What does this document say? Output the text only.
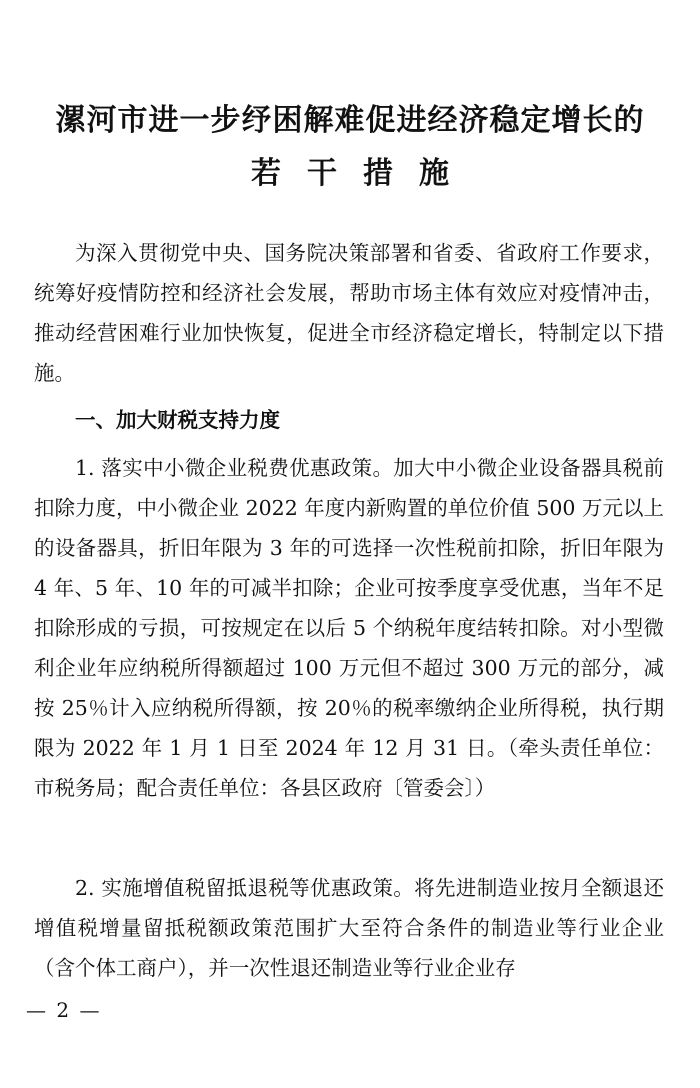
漯河市进一步纾困解难促进经济稳定增长的
若干措施
为深入贯彻党中央、国务院决策部署和省委、省政府工作要求，统筹好疫情防控和经济社会发展，帮助市场主体有效应对疫情冲击，推动经营困难行业加快恢复，促进全市经济稳定增长，特制定以下措施。
一、加大财税支持力度
1. 落实中小微企业税费优惠政策。加大中小微企业设备器具税前扣除力度，中小微企业 2022 年度内新购置的单位价值 500 万元以上的设备器具，折旧年限为 3 年的可选择一次性税前扣除，折旧年限为 4 年、5 年、10 年的可减半扣除；企业可按季度享受优惠，当年不足扣除形成的亏损，可按规定在以后 5 个纳税年度结转扣除。对小型微利企业年应纳税所得额超过 100 万元但不超过 300 万元的部分，减按 25％计入应纳税所得额，按 20％的税率缴纳企业所得税，执行期限为 2022 年 1 月 1 日至 2024 年 12 月 31 日。（牵头责任单位：市税务局；配合责任单位：各县区政府〔管委会〕）
2. 实施增值税留抵退税等优惠政策。将先进制造业按月全额退还增值税增量留抵税额政策范围扩大至符合条件的制造业等行业企业（含个体工商户），并一次性退还制造业等行业企业存
— 2 —
